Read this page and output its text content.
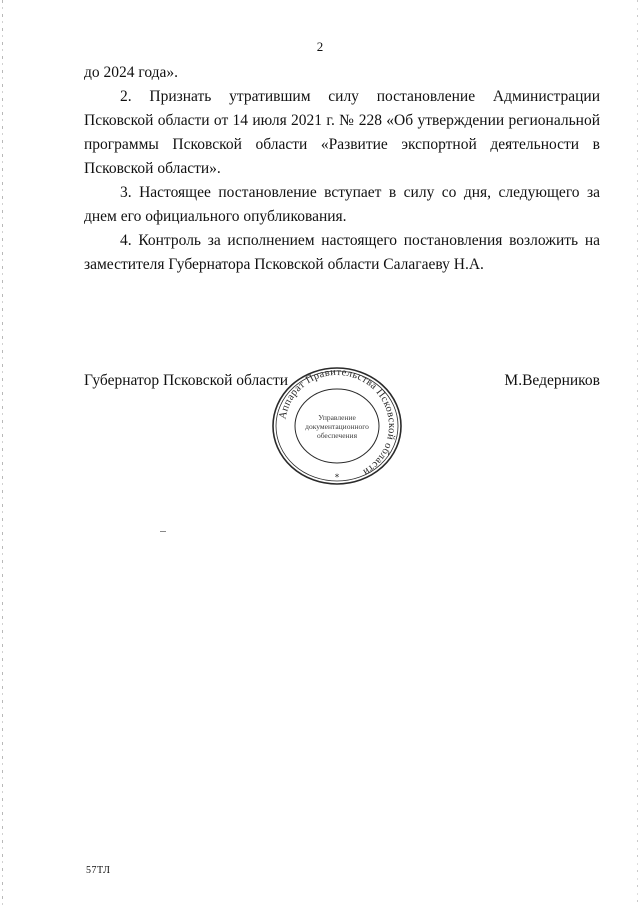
2

до 2024 года».

2. Признать утратившим силу постановление Администрации Псковской области от 14 июля 2021 г. № 228 «Об утверждении региональной программы Псковской области «Развитие экспортной деятельности в Псковской области».

3. Настоящее постановление вступает в силу со дня, следующего за днем его официального опубликования.

4. Контроль за исполнением настоящего постановления возложить на заместителя Губернатора Псковской области Салагаеву Н.А.

Губернатор Псковской области	М.Ведерников
Аппарат Правительства Псковской области
Управление
документационного
обеспечения
*
57ТЛ
